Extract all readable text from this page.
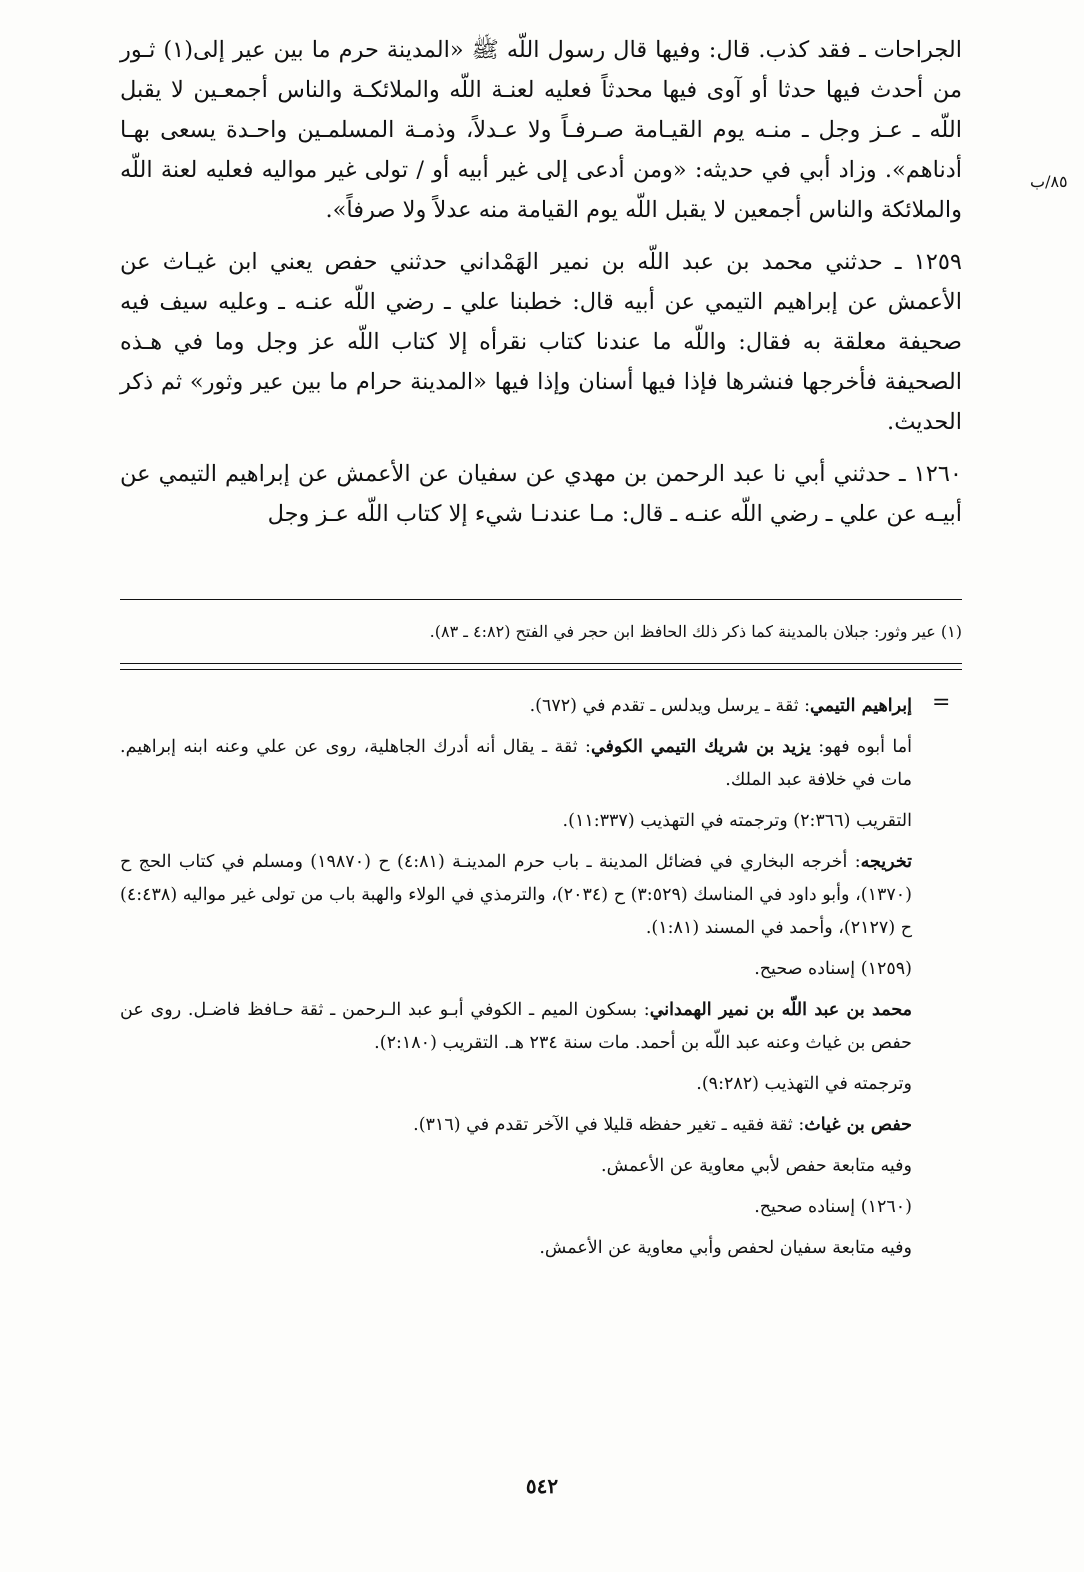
الجراحات ـ فقد كذب. قال: وفيها قال رسول اللّه ﷺ «المدينة حرم ما بين عير إلى(١) ثـور من أحدث فيها حدثا أو آوى فيها محدثاً فعليه لعنـة اللّه والملائكـة والناس أجمعـين لا يقبل اللّه ـ عـز وجل ـ منـه يوم القيـامة صـرفـاً ولا عـدلاً، وذمـة المسلمـين واحـدة يسعى بهـا أدناهم». وزاد أبي في حديثه: «ومن أدعى إلى غير أبيه أو / تولى غير مواليه فعليه لعنة اللّه والملائكة والناس أجمعين لا يقبل اللّه يوم القيامة منه عدلاً ولا صرفاً».

١٢٥٩ ـ حدثني محمد بن عبد اللّه بن نمير الهَمْداني حدثني حفص يعني ابن غيـاث عن الأعمش عن إبراهيم التيمي عن أبيه قال: خطبنا علي ـ رضي اللّه عنـه ـ وعليه سيف فيه صحيفة معلقة به فقال: واللّه ما عندنا كتاب نقرأه إلا كتاب اللّه عز وجل وما في هـذه الصحيفة فأخرجها فنشرها فإذا فيها أسنان وإذا فيها «المدينة حرام ما بين عير وثور» ثم ذكر الحديث.

١٢٦٠ ـ حدثني أبي نا عبد الرحمن بن مهدي عن سفيان عن الأعمش عن إبراهيم التيمي عن أبيـه عن علي ـ رضي اللّه عنـه ـ قال: مـا عندنـا شيء إلا كتاب اللّه عـز وجل

٨٥/ب
(١) عير وثور: جبلان بالمدينة كما ذكر ذلك الحافظ ابن حجر في الفتح (٤:٨٢ ـ ٨٣).
=

إبراهيم التيمي: ثقة ـ يرسل ويدلس ـ تقدم في (٦٧٢).

أما أبوه فهو: يزيد بن شريك التيمي الكوفي: ثقة ـ يقال أنه أدرك الجاهلية، روى عن علي وعنه ابنه إبراهيم. مات في خلافة عبد الملك.

التقريب (٢:٣٦٦) وترجمته في التهذيب (١١:٣٣٧).

تخريجه: أخرجه البخاري في فضائل المدينة ـ باب حرم المدينـة (٤:٨١) ح (١٩٨٧٠) ومسلم في كتاب الحج ح (١٣٧٠)، وأبو داود في المناسك (٣:٥٢٩) ح (٢٠٣٤)، والترمذي في الولاء والهبة باب من تولى غير مواليه (٤:٤٣٨) ح (٢١٢٧)، وأحمد في المسند (١:٨١).

(١٢٥٩) إسناده صحيح.

محمد بن عبد اللّه بن نمير الهمداني: بسكون الميم ـ الكوفي أبـو عبد الـرحمن ـ ثقة حـافظ فاضـل. روى عن حفص بن غياث وعنه عبد اللّه بن أحمد. مات سنة ٢٣٤ هـ. التقريب (٢:١٨٠).

وترجمته في التهذيب (٩:٢٨٢).

حفص بن غياث: ثقة فقيه ـ تغير حفظه قليلا في الآخر تقدم في (٣١٦).

وفيه متابعة حفص لأبي معاوية عن الأعمش.

(١٢٦٠) إسناده صحيح.

وفيه متابعة سفيان لحفص وأبي معاوية عن الأعمش.

٥٤٢
